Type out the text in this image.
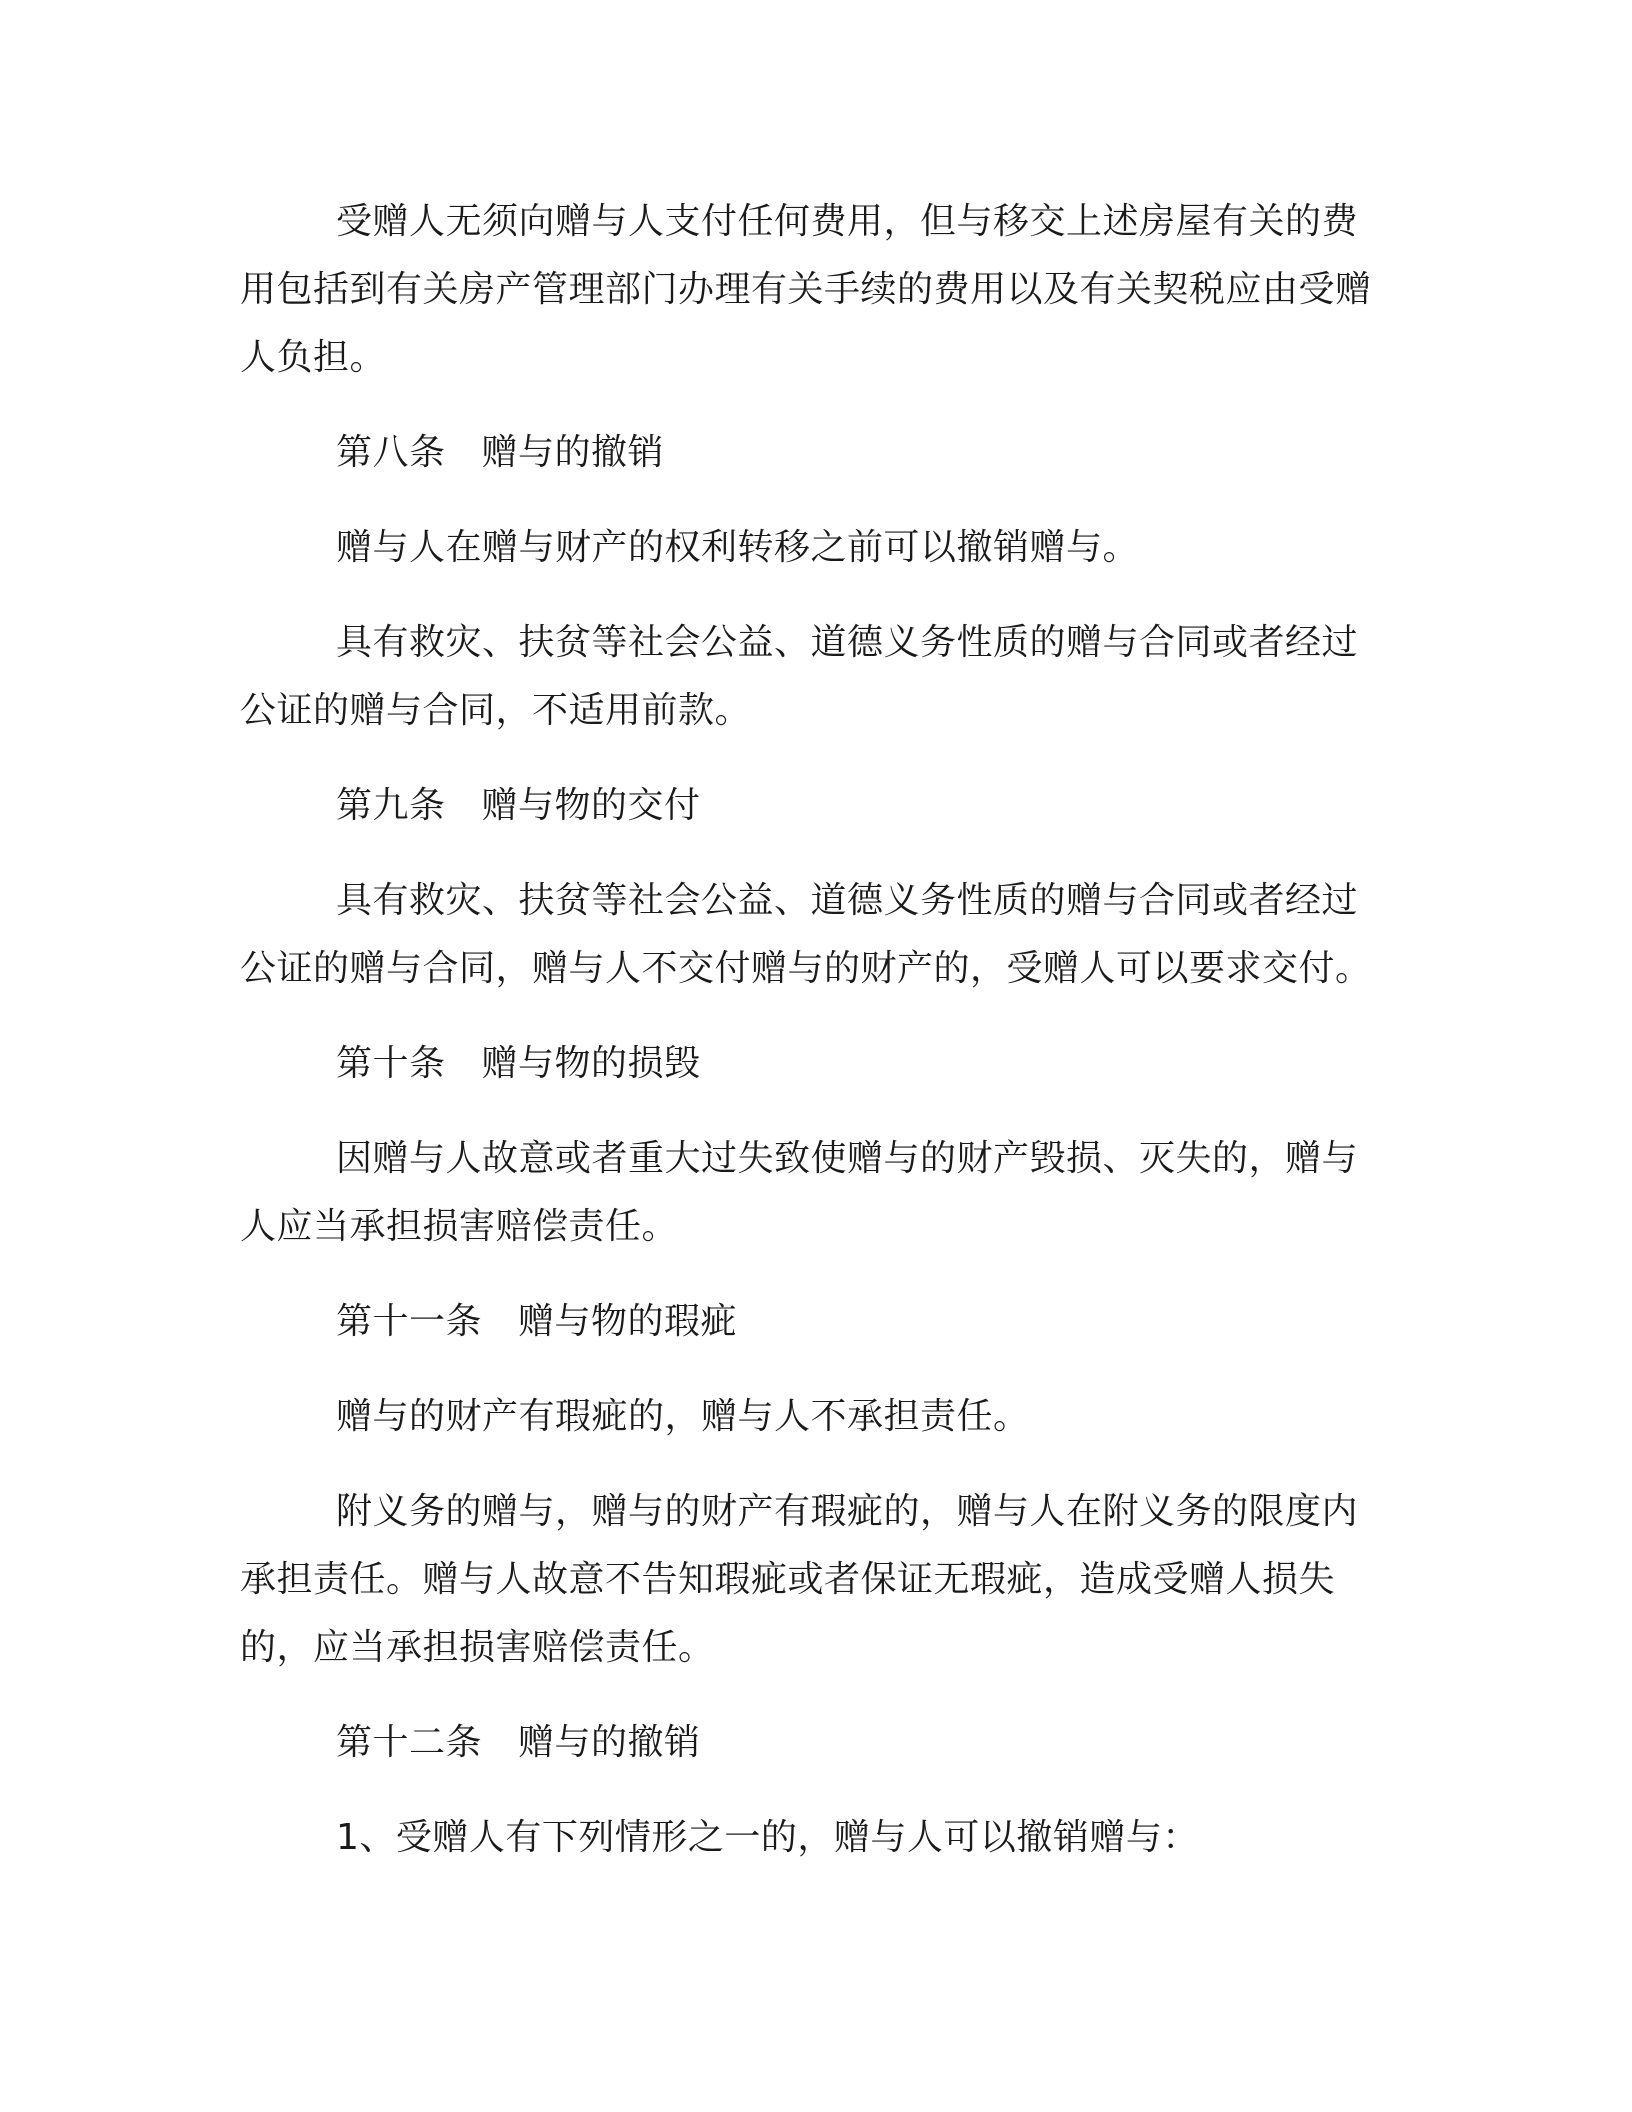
受赠人无须向赠与人支付任何费用，但与移交上述房屋有关的费用包括到有关房产管理部门办理有关手续的费用以及有关契税应由受赠人负担。

第八条 赠与的撤销

赠与人在赠与财产的权利转移之前可以撤销赠与。

具有救灾、扶贫等社会公益、道德义务性质的赠与合同或者经过公证的赠与合同，不适用前款。

第九条 赠与物的交付

具有救灾、扶贫等社会公益、道德义务性质的赠与合同或者经过公证的赠与合同，赠与人不交付赠与的财产的，受赠人可以要求交付。

第十条 赠与物的损毁

因赠与人故意或者重大过失致使赠与的财产毁损、灭失的，赠与人应当承担损害赔偿责任。

第十一条 赠与物的瑕疵

赠与的财产有瑕疵的，赠与人不承担责任。

附义务的赠与，赠与的财产有瑕疵的，赠与人在附义务的限度内承担责任。赠与人故意不告知瑕疵或者保证无瑕疵，造成受赠人损失的，应当承担损害赔偿责任。

第十二条 赠与的撤销

1、受赠人有下列情形之一的，赠与人可以撤销赠与：
